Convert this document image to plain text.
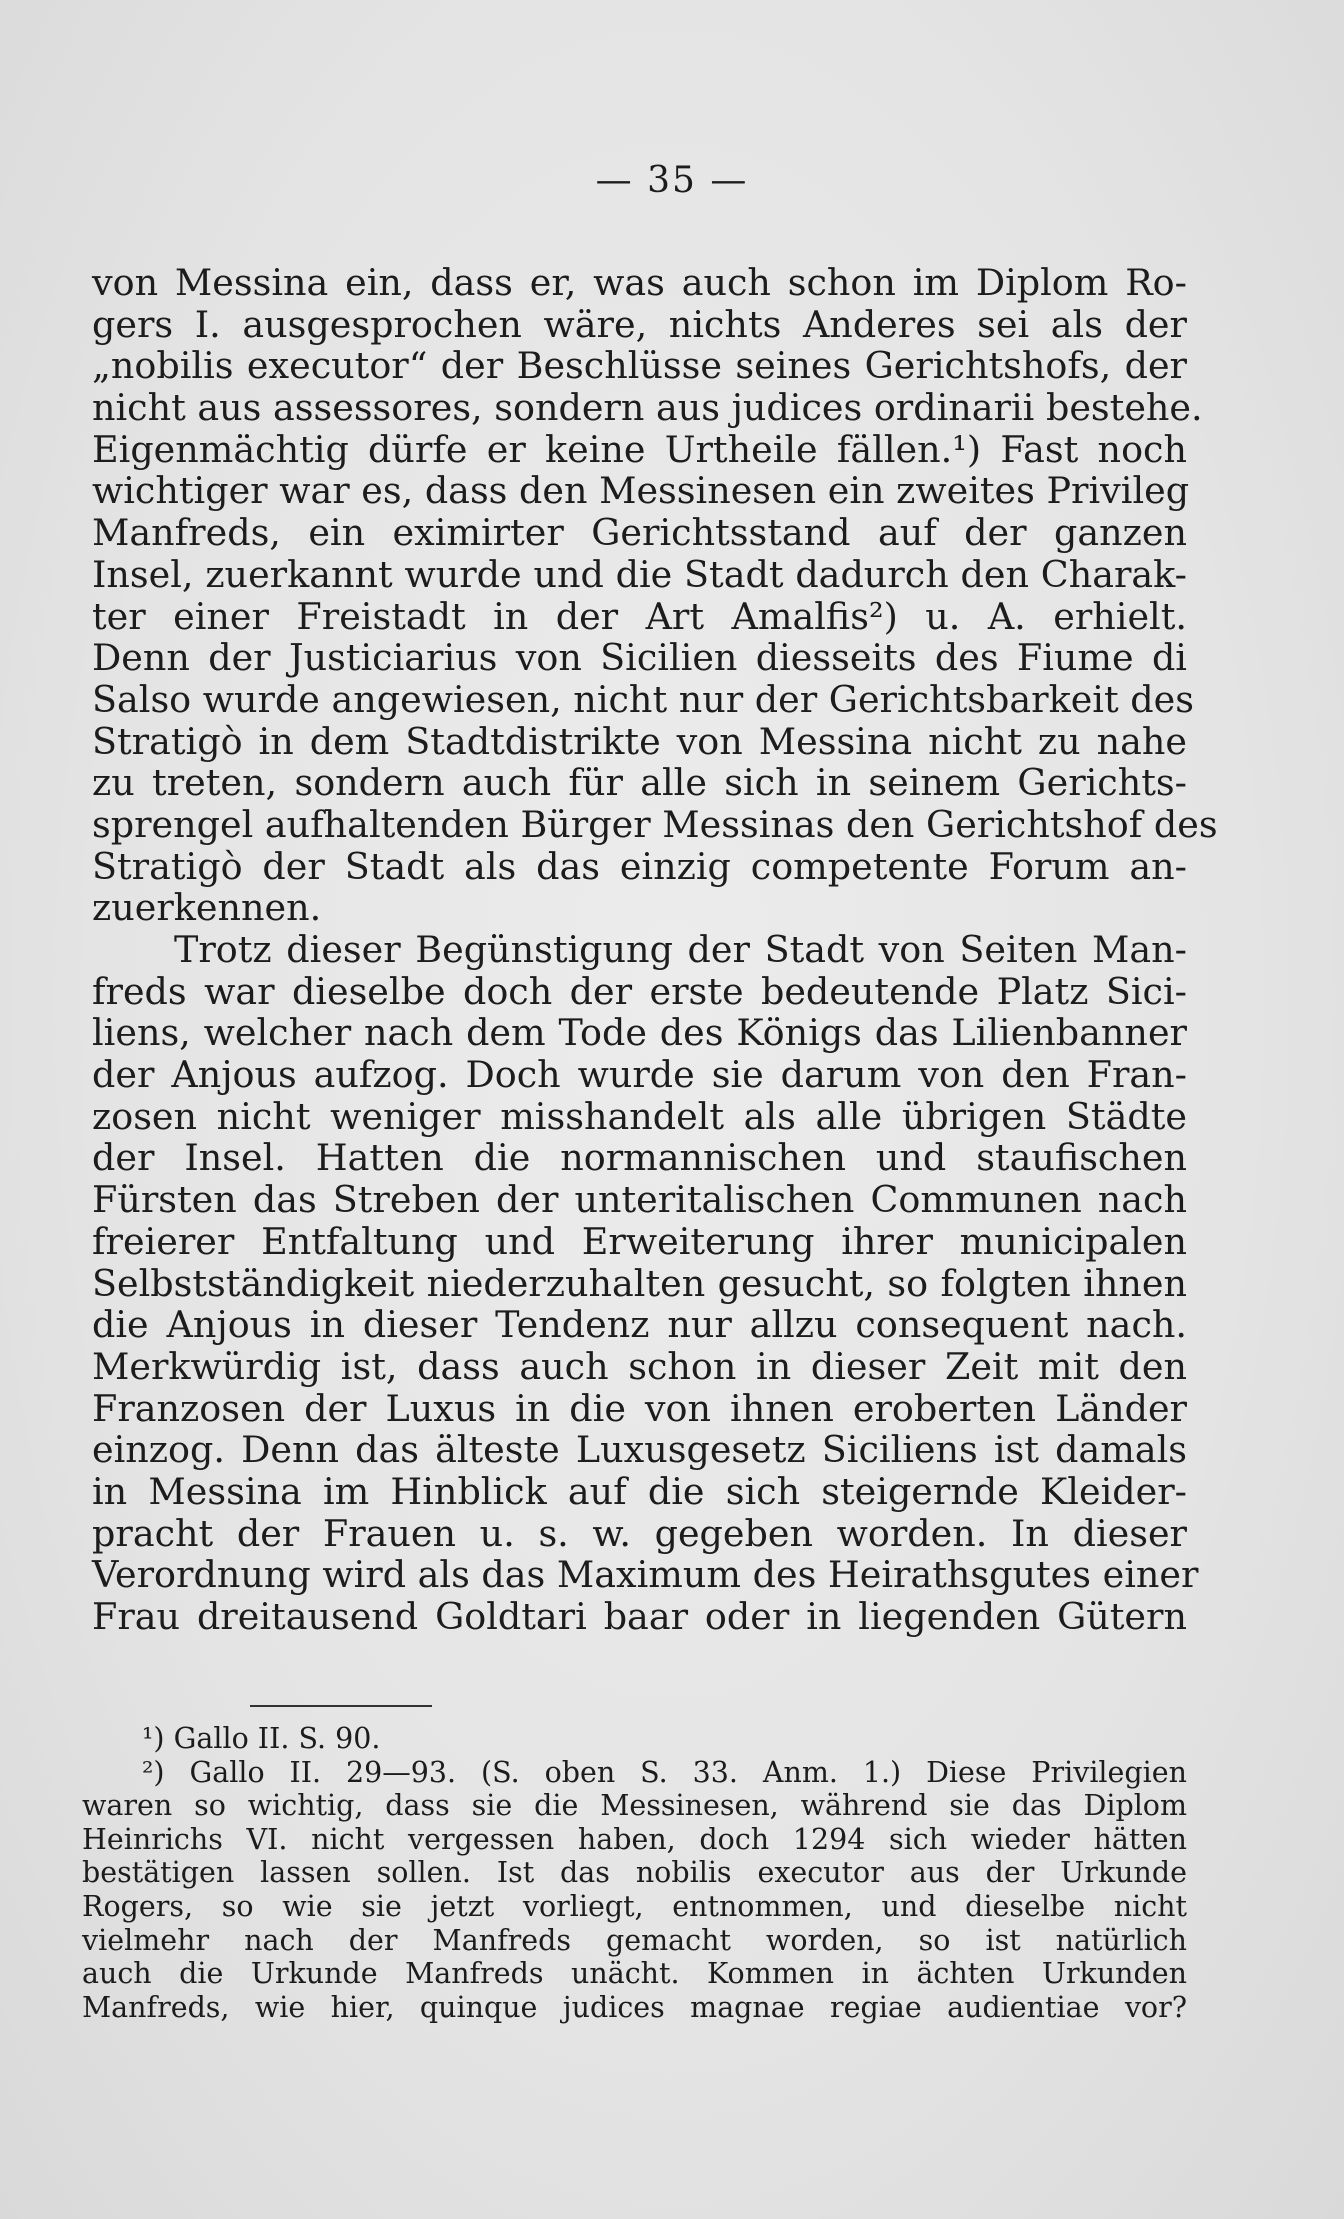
— 35 —
von Messina ein, dass er, was auch schon im Diplom Ro-
gers I. ausgesprochen wäre, nichts Anderes sei als der
„nobilis executor“ der Beschlüsse seines Gerichtshofs, der
nicht aus assessores, sondern aus judices ordinarii bestehe.
Eigenmächtig dürfe er keine Urtheile fällen.¹) Fast noch
wichtiger war es, dass den Messinesen ein zweites Privileg
Manfreds, ein eximirter Gerichtsstand auf der ganzen
Insel, zuerkannt wurde und die Stadt dadurch den Charak-
ter einer Freistadt in der Art Amalfis²) u. A. erhielt.
Denn der Justiciarius von Sicilien diesseits des Fiume di
Salso wurde angewiesen, nicht nur der Gerichtsbarkeit des
Stratigò in dem Stadtdistrikte von Messina nicht zu nahe
zu treten, sondern auch für alle sich in seinem Gerichts-
sprengel aufhaltenden Bürger Messinas den Gerichtshof des
Stratigò der Stadt als das einzig competente Forum an-
zuerkennen.
Trotz dieser Begünstigung der Stadt von Seiten Man-
freds war dieselbe doch der erste bedeutende Platz Sici-
liens, welcher nach dem Tode des Königs das Lilienbanner
der Anjous aufzog. Doch wurde sie darum von den Fran-
zosen nicht weniger misshandelt als alle übrigen Städte
der Insel. Hatten die normannischen und staufischen
Fürsten das Streben der unteritalischen Communen nach
freierer Entfaltung und Erweiterung ihrer municipalen
Selbstständigkeit niederzuhalten gesucht, so folgten ihnen
die Anjous in dieser Tendenz nur allzu consequent nach.
Merkwürdig ist, dass auch schon in dieser Zeit mit den
Franzosen der Luxus in die von ihnen eroberten Länder
einzog. Denn das älteste Luxusgesetz Siciliens ist damals
in Messina im Hinblick auf die sich steigernde Kleider-
pracht der Frauen u. s. w. gegeben worden. In dieser
Verordnung wird als das Maximum des Heirathsgutes einer
Frau dreitausend Goldtari baar oder in liegenden Gütern
¹) Gallo II. S. 90.
²) Gallo II. 29—93. (S. oben S. 33. Anm. 1.) Diese Privilegien
waren so wichtig, dass sie die Messinesen, während sie das Diplom
Heinrichs VI. nicht vergessen haben, doch 1294 sich wieder hätten
bestätigen lassen sollen. Ist das nobilis executor aus der Urkunde
Rogers, so wie sie jetzt vorliegt, entnommen, und dieselbe nicht
vielmehr nach der Manfreds gemacht worden, so ist natürlich
auch die Urkunde Manfreds unächt. Kommen in ächten Urkunden
Manfreds, wie hier, quinque judices magnae regiae audientiae vor?
